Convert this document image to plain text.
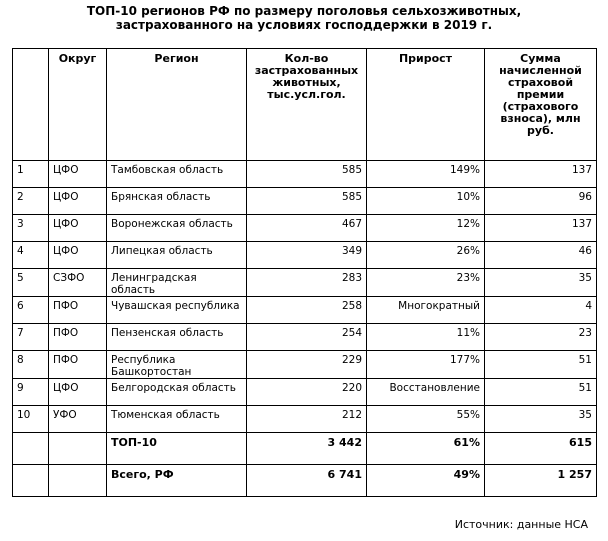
ТОП-10 регионов РФ по размеру поголовья сельхозживотных,
застрахованного на условиях господдержки в 2019 г.
	Округ	Регион	Кол-во застрахованных животных, тыс.усл.гол.	Прирост	Сумма начисленной страховой премии (страхового взноса), млн руб.
1	ЦФО	Тамбовская область	585	149%	137
2	ЦФО	Брянская область	585	10%	96
3	ЦФО	Воронежская область	467	12%	137
4	ЦФО	Липецкая область	349	26%	46
5	СЗФО	Ленинградская область	283	23%	35
6	ПФО	Чувашская республика	258	Многократный	4
7	ПФО	Пензенская область	254	11%	23
8	ПФО	Республика Башкортостан	229	177%	51
9	ЦФО	Белгородская область	220	Восстановление	51
10	УФО	Тюменская область	212	55%	35
		ТОП-10	3 442	61%	615
		Всего, РФ	6 741	49%	1 257
Источник: данные НСА
